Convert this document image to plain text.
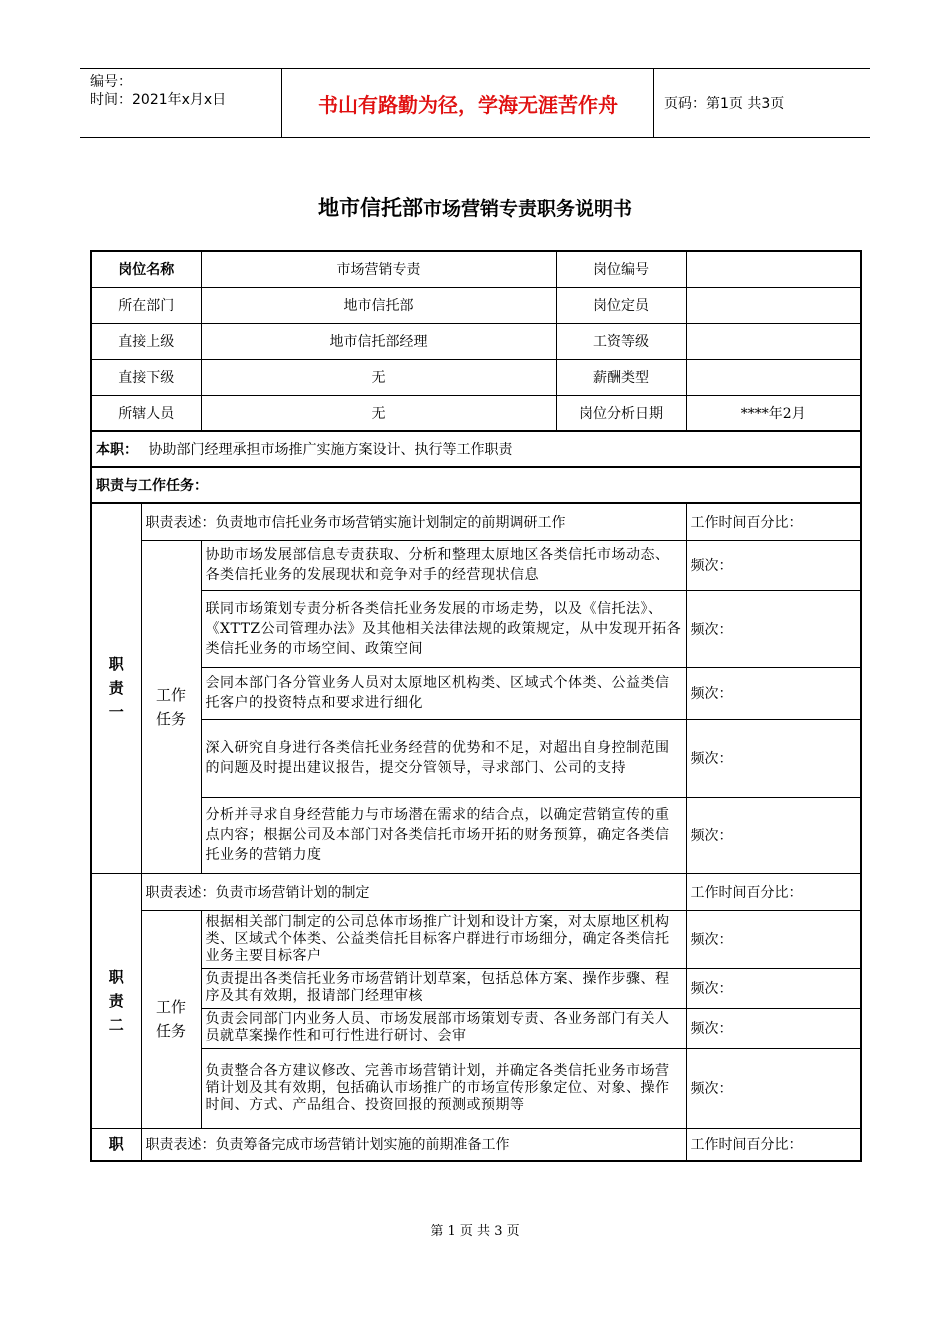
编号：
时间：2021年x月x日	书山有路勤为径，学海无涯苦作舟	页码：第1页 共3页
地市信托部市场营销专责职务说明书
岗位名称		市场营销专责	岗位编号	
所在部门		地市信托部	岗位定员	
直接上级		地市信托部经理	工资等级	
直接下级		无	薪酬类型	
所辖人员		无	岗位分析日期	****年2月
本职： 协助部门经理承担市场推广实施方案设计、执行等工作职责				
职责与工作任务：				

职
责
一	职责表述：负责地市信托业务市场营销实施计划制定的前期调研工作			工作时间百分比：

	工作
任务	协助市场发展部信息专责获取、分析和整理太原地区各类信托市场动态、各类信托业务的发展现状和竞争对手的经营现状信息		频次：
		联同市场策划专责分析各类信托业务发展的市场走势，以及《信托法》、《XTTZ公司管理办法》及其他相关法律法规的政策规定，从中发现开拓各类信托业务的市场空间、政策空间		频次：
		会同本部门各分管业务人员对太原地区机构类、区域式个体类、公益类信托客户的投资特点和要求进行细化		频次：
		深入研究自身进行各类信托业务经营的优势和不足，对超出自身控制范围的问题及时提出建议报告，提交分管领导，寻求部门、公司的支持		频次：
		分析并寻求自身经营能力与市场潜在需求的结合点，以确定营销宣传的重点内容；根据公司及本部门对各类信托市场开拓的财务预算，确定各类信托业务的营销力度		频次：

职
责
二	职责表述：负责市场营销计划的制定			工作时间百分比：

	工作
任务	根据相关部门制定的公司总体市场推广计划和设计方案，对太原地区机构类、区域式个体类、公益类信托目标客户群进行市场细分，确定各类信托业务主要目标客户		频次：
		负责提出各类信托业务市场营销计划草案，包括总体方案、操作步骤、程序及其有效期，报请部门经理审核		频次：
		负责会同部门内业务人员、市场发展部市场策划专责、各业务部门有关人员就草案操作性和可行性进行研讨、会审		频次：
		负责整合各方建议修改、完善市场营销计划，并确定各类信托业务市场营销计划及其有效期，包括确认市场推广的市场宣传形象定位、对象、操作时间、方式、产品组合、投资回报的预测或预期等		频次：
职	职责表述：负责筹备完成市场营销计划实施的前期准备工作			工作时间百分比：
第 1 页 共 3 页
